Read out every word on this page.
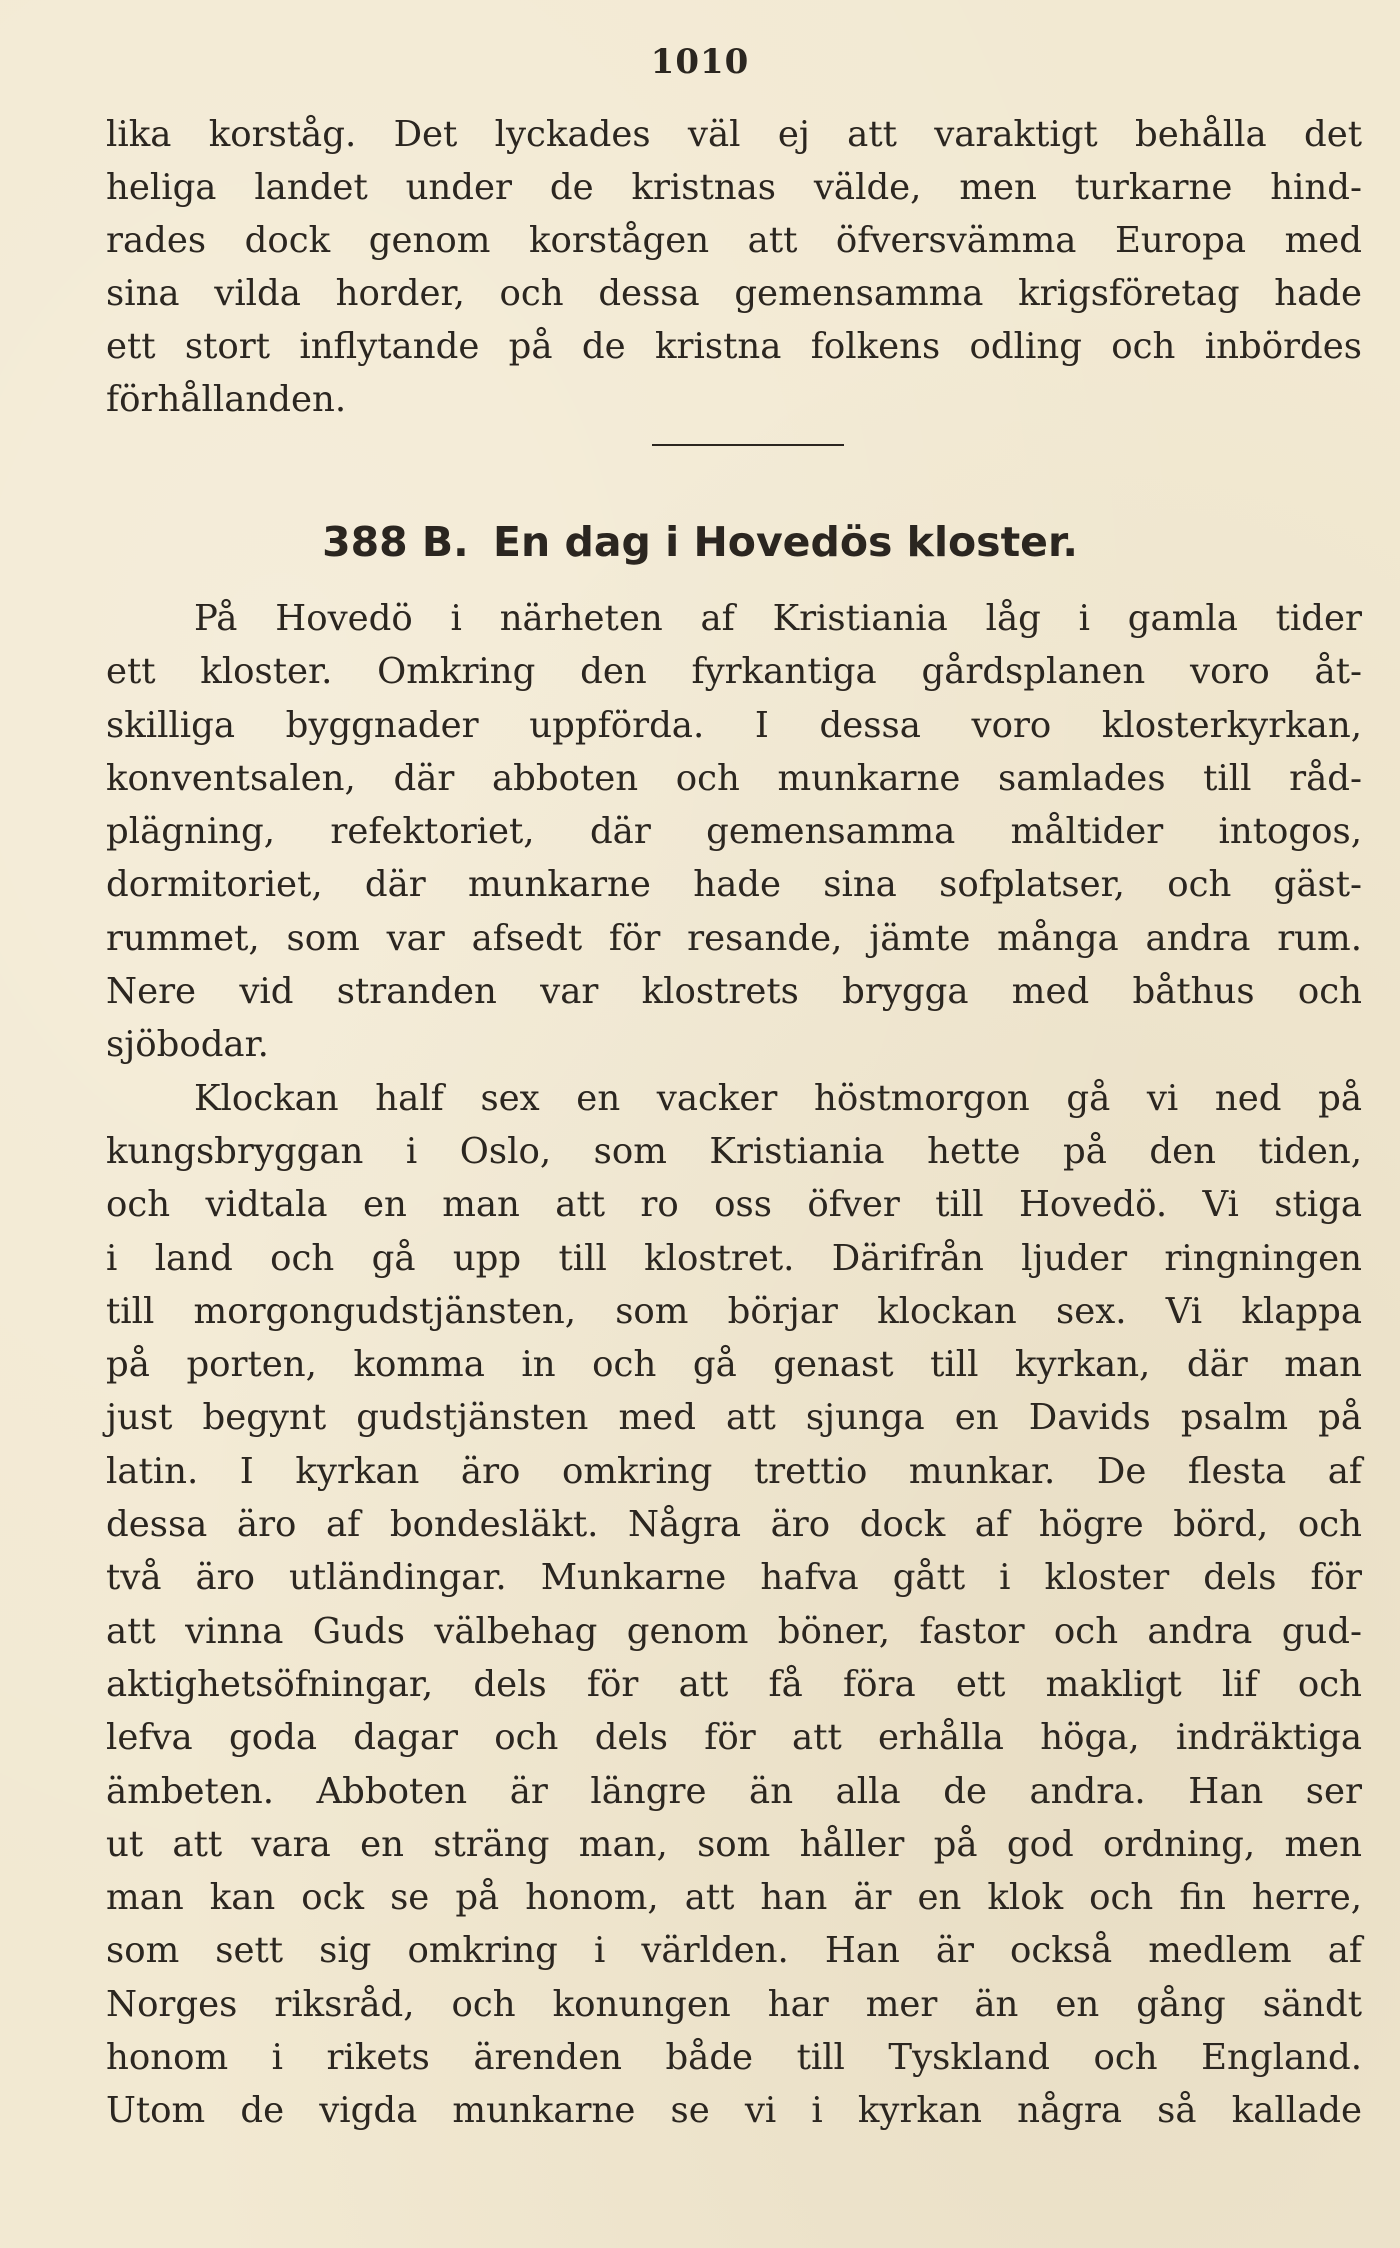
1010
lika korståg. Det lyckades väl ej att varaktigt behålla det
heliga landet under de kristnas välde, men turkarne hind-
rades dock genom korstågen att öfversvämma Europa med
sina vilda horder, och dessa gemensamma krigsföretag hade
ett stort inflytande på de kristna folkens odling och inbördes
förhållanden.
388 B. En dag i Hovedös kloster.
På Hovedö i närheten af Kristiania låg i gamla tider
ett kloster. Omkring den fyrkantiga gårdsplanen voro åt-
skilliga byggnader uppförda. I dessa voro klosterkyrkan,
konventsalen, där abboten och munkarne samlades till råd-
plägning, refektoriet, där gemensamma måltider intogos,
dormitoriet, där munkarne hade sina sofplatser, och gäst-
rummet, som var afsedt för resande, jämte många andra rum.
Nere vid stranden var klostrets brygga med båthus och
sjöbodar.
Klockan half sex en vacker höstmorgon gå vi ned på
kungsbryggan i Oslo, som Kristiania hette på den tiden,
och vidtala en man att ro oss öfver till Hovedö. Vi stiga
i land och gå upp till klostret. Därifrån ljuder ringningen
till morgongudstjänsten, som börjar klockan sex. Vi klappa
på porten, komma in och gå genast till kyrkan, där man
just begynt gudstjänsten med att sjunga en Davids psalm på
latin. I kyrkan äro omkring trettio munkar. De flesta af
dessa äro af bondesläkt. Några äro dock af högre börd, och
två äro utländingar. Munkarne hafva gått i kloster dels för
att vinna Guds välbehag genom böner, fastor och andra gud-
aktighetsöfningar, dels för att få föra ett makligt lif och
lefva goda dagar och dels för att erhålla höga, indräktiga
ämbeten. Abboten är längre än alla de andra. Han ser
ut att vara en sträng man, som håller på god ordning, men
man kan ock se på honom, att han är en klok och fin herre,
som sett sig omkring i världen. Han är också medlem af
Norges riksråd, och konungen har mer än en gång sändt
honom i rikets ärenden både till Tyskland och England.
Utom de vigda munkarne se vi i kyrkan några så kallade
